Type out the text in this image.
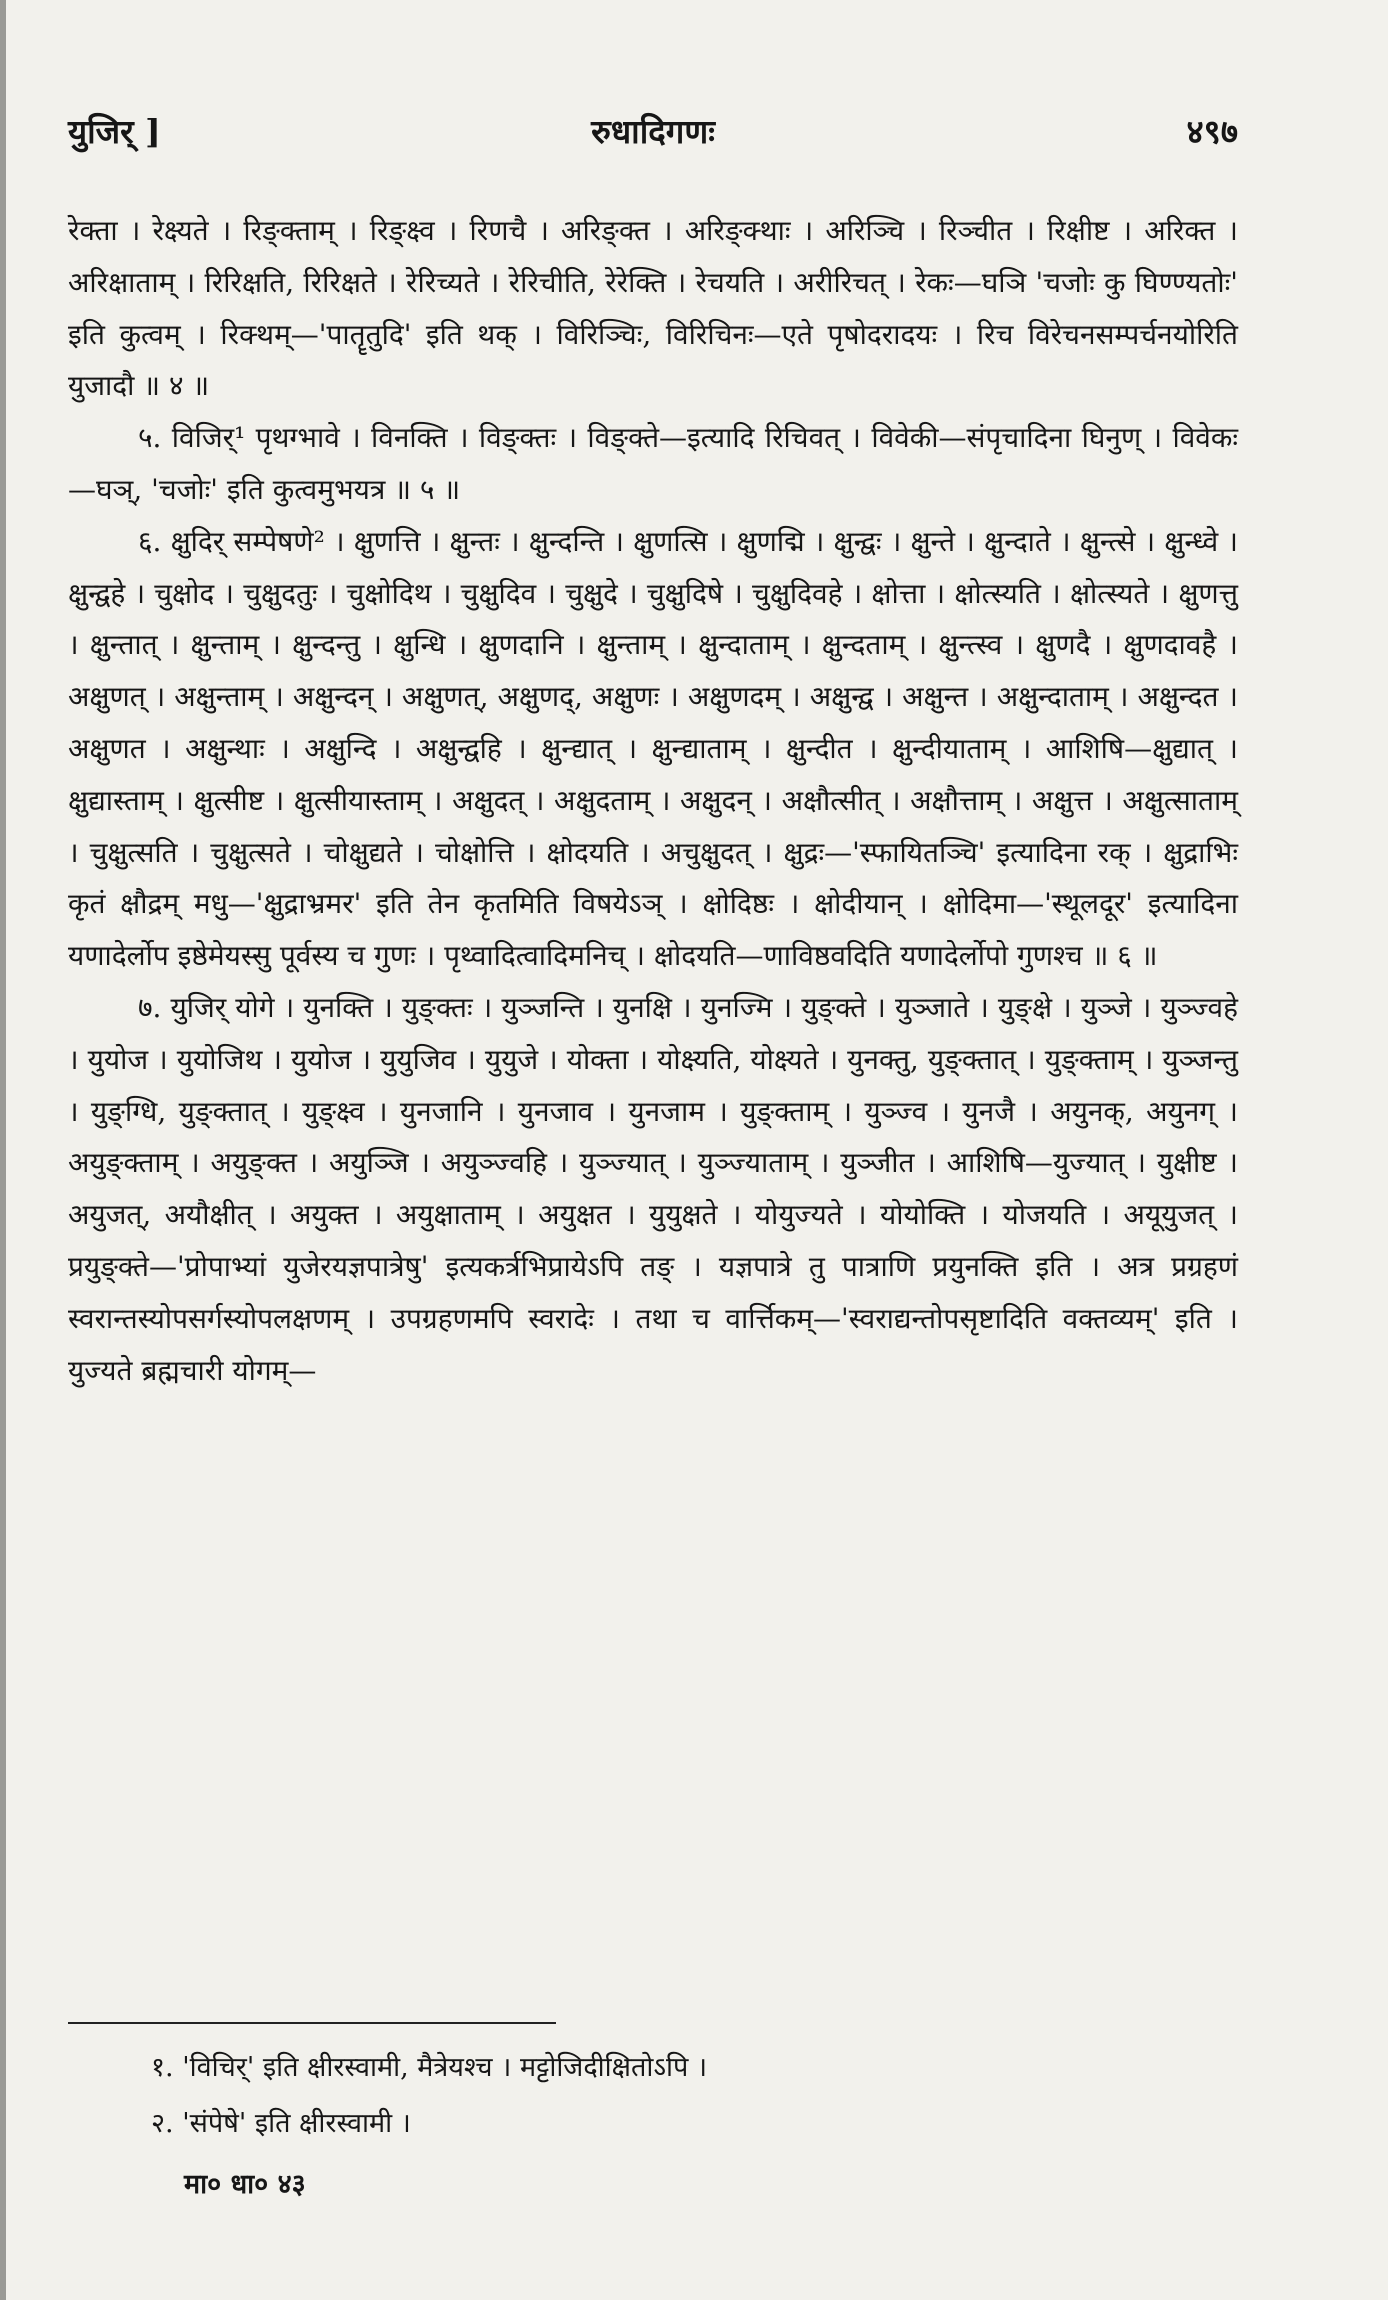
युजिर् ]	रुधादिगणः	४९७

रेक्ता । रेक्ष्यते । रिङ्क्ताम् । रिङ्क्ष्व । रिणचै । अरिङ्क्त । अरिङ्क्थाः । अरिञ्चि । रिञ्चीत । रिक्षीष्ट । अरिक्त । अरिक्षाताम् । रिरिक्षति, रिरिक्षते । रेरिच्यते । रेरिचीति, रेरेक्ति । रेचयति । अरीरिचत् । रेकः—घञि 'चजोः कु घिण्ण्यतोः' इति कुत्वम् । रिक्थम्—'पातॄतुदि' इति थक् । विरिञ्चिः, विरिचिनः—एते पृषोदरादयः । रिच विरेचनसम्पर्चनयोरिति युजादौ ॥ ४ ॥

५. विजिर्¹ पृथग्भावे । विनक्ति । विङ्क्तः । विङ्क्ते—इत्यादि रिचिवत् । विवेकी—संपृचादिना घिनुण् । विवेकः—घञ्, 'चजोः' इति कुत्वमुभयत्र ॥ ५ ॥

६. क्षुदिर् सम्पेषणे² । क्षुणत्ति । क्षुन्तः । क्षुन्दन्ति । क्षुणत्सि । क्षुणद्मि । क्षुन्द्वः । क्षुन्ते । क्षुन्दाते । क्षुन्त्से । क्षुन्ध्वे । क्षुन्द्वहे । चुक्षोद । चुक्षुदतुः । चुक्षोदिथ । चुक्षुदिव । चुक्षुदे । चुक्षुदिषे । चुक्षुदिवहे । क्षोत्ता । क्षोत्स्यति । क्षोत्स्यते । क्षुणत्तु । क्षुन्तात् । क्षुन्ताम् । क्षुन्दन्तु । क्षुन्धि । क्षुणदानि । क्षुन्ताम् । क्षुन्दाताम् । क्षुन्दताम् । क्षुन्त्स्व । क्षुणदै । क्षुणदावहै । अक्षुणत् । अक्षुन्ताम् । अक्षुन्दन् । अक्षुणत्, अक्षुणद्, अक्षुणः । अक्षुणदम् । अक्षुन्द्व । अक्षुन्त । अक्षुन्दाताम् । अक्षुन्दत । अक्षुणत । अक्षुन्थाः । अक्षुन्दि । अक्षुन्द्वहि । क्षुन्द्यात् । क्षुन्द्याताम् । क्षुन्दीत । क्षुन्दीयाताम् । आशिषि—क्षुद्यात् । क्षुद्यास्ताम् । क्षुत्सीष्ट । क्षुत्सीयास्ताम् । अक्षुदत् । अक्षुदताम् । अक्षुदन् । अक्षौत्सीत् । अक्षौत्ताम् । अक्षुत्त । अक्षुत्साताम् । चुक्षुत्सति । चुक्षुत्सते । चोक्षुद्यते । चोक्षोत्ति । क्षोदयति । अचुक्षुदत् । क्षुद्रः—'स्फायितञ्चि' इत्यादिना रक् । क्षुद्राभिः कृतं क्षौद्रम् मधु—'क्षुद्राभ्रमर' इति तेन कृतमिति विषयेऽञ् । क्षोदिष्ठः । क्षोदीयान् । क्षोदिमा—'स्थूलदूर' इत्यादिना यणादेर्लोप इष्ठेमेयस्सु पूर्वस्य च गुणः । पृथ्वादित्वादिमनिच् । क्षोदयति—णाविष्ठवदिति यणादेर्लोपो गुणश्च ॥ ६ ॥

७. युजिर् योगे । युनक्ति । युङ्क्तः । युञ्जन्ति । युनक्षि । युनज्मि । युङ्क्ते । युञ्जाते । युङ्क्षे । युञ्जे । युञ्ज्वहे । युयोज । युयोजिथ । युयोज । युयुजिव । युयुजे । योक्ता । योक्ष्यति, योक्ष्यते । युनक्तु, युङ्क्तात् । युङ्क्ताम् । युञ्जन्तु । युङ्ग्धि, युङ्क्तात् । युङ्क्ष्व । युनजानि । युनजाव । युनजाम । युङ्क्ताम् । युञ्ज्व । युनजै । अयुनक्, अयुनग् । अयुङ्क्ताम् । अयुङ्क्त । अयुञ्जि । अयुञ्ज्वहि । युञ्ज्यात् । युञ्ज्याताम् । युञ्जीत । आशिषि—युज्यात् । युक्षीष्ट । अयुजत्, अयौक्षीत् । अयुक्त । अयुक्षाताम् । अयुक्षत । युयुक्षते । योयुज्यते । योयोक्ति । योजयति । अयूयुजत् । प्रयुङ्क्ते—'प्रोपाभ्यां युजेरयज्ञपात्रेषु' इत्यकर्त्रभिप्रायेऽपि तङ् । यज्ञपात्रे तु पात्राणि प्रयुनक्ति इति । अत्र प्रग्रहणं स्वरान्तस्योपसर्गस्योपलक्षणम् । उपग्रहणमपि स्वरादेः । तथा च वार्त्तिकम्—'स्वराद्यन्तोपसृष्टादिति वक्तव्यम्' इति । युज्यते ब्रह्मचारी योगम्—

१. 'विचिर्' इति क्षीरस्वामी, मैत्रेयश्च । मट्टोजिदीक्षितोऽपि ।
२. 'संपेषे' इति क्षीरस्वामी ।
मा० धा० ४३
